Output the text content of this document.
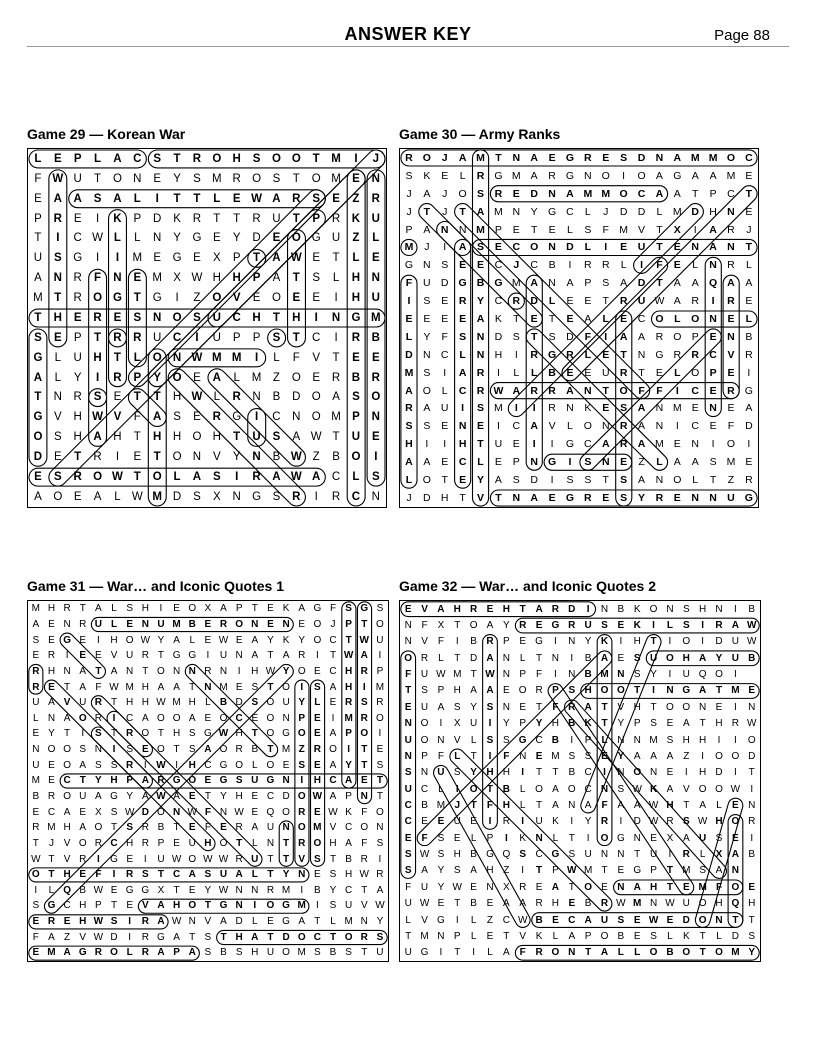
ANSWER KEY	Page 88
Game 29 — Korean War
L	E	P	L	A	C	S	T	R O H	S	O O	T	M	I	J
F W U	T	O N	E	Y	S M R O	S	T	O M E	N
E	A	A	S	A	L	I	T	T	L	E W A	R	S	E	Z	R
P	R	E	I	K	P	D	K	R	T	T	R	U	T	P	R	K	U
T	I	C W L	L	N	Y	G	E	Y	D	E	O G U	Z	L
U	S	G	I	I	M E	G	E	X	P	T	A W E	T	L	E
A	N	R	F	N	E M X W H	H	P	A	T	S	L	H	N
M	T	R O G	T	G	I	Z	O	V	E	O	E	E	I	H	U
T	H	E	R	E	S	N O	S	U	C	H	T	H	I	N G M
S	E	P	T	R	R	U	C	I	U	P	P	S	T	C	I	R	B
G	L	U	H	T	L	O N W M M	I	L	F	V	T	E	E
A	L	Y	I	R	P	Y	O	E	A	L	M	Z	O	E	R	B	R
T	N	R	S	E	T	T	H W L	R	N	B	D O	A	S	O
G	V	H W V	F	A	S	E	R G	I	C	N O M P	N
O	S	H	A	H	T	H	H O H	T	U	S	A W T	U	E
D	E	T	R	I	E	T	O N	V	Y	N	B W Z	B	O	I
E	S	R O W T	O	L	A	S	I	R	A W A	C	L	S
A	O	E	A	L W M D	S	X	N G	S	R	I	R	C	N
Game 30 — Army Ranks
R O	J	A M T	N A	E G R	E	S	D N A M M O C
S	K	E	L	R G M A	R G N O	I	O A G A	A M E
J	A	J	O S	R	E	D N A M M O C A	A	T	P	C	T
J	T	J	T	A M N	Y G C	L	J	D D	L	M D H N	E
P	A	N N M P	E	T	E	L	S	F M V	T	X	I	A R	J
M	J	I	A	S	E	C O N D	L	I	E	U	T	E	N A N	T
G N	S	E	E	C	J	C	B	I	R R	L	I	F	E	L	N R	L
F	U D G B G M A N	A	P	S	A	D	T	A	A Q A	A
I	S	E	R	Y	C R D	L	E	E	T	R U W A	R	I	R	E
E	E	E	E	A	K	T	E	T	E	A	L	E	C O	L	O N	E	L
L	Y	F	S	N D	S	T	S	D	F	I	A	A	R O P	E	N	B
D N C	L	N H	I	R G R	L	E	T	N G R R C	V	R
M S	I	A R	I	L	L	B	E	E	U R	T	E	L	O P	E	I
A O	L	C R W A R R A N	T	O	F	F	I	C	E	R G
R	A	U	I	S M	I	I	R N	K	E	S	A N M E	N	E	A
S	S	E	N	E	I	C A	V	L	O N R	A	N	I	C	E	F	D
H	I	I	H	T	U	E	I	I	G C A R A M E	N	I	O	I
A	A	E	C	L	E	P	N G	I	S	N	E	Z	L	A	A	S M E
L	O	T	E	Y	A	S	D	I	S	S	T	S	A	N O	L	T	Z	R
J	D H	T	V	T	N A	E G R	E	S	Y	R	E	N N U G
Game 31 — War… and Iconic Quotes 1
M H R T A L S H	I	E O X A P T E K A G F S G S
A E N R U L E N U M B E R O N E N E O J P T O
S E G E	I	H O W Y A L E W E A Y K Y O C T W U
E R	I	E E V U R T G G	I	U N A T A R	I	T W A	I
R H N A T A N T O N N R N	I	H W Y O E C H R P
R E T A F W M H A A T N M E S T O	I	S A H	I	M
U A V U R T H H W M H L B D S O U Y L E R S R
L N A O R	I	C A O O A E O C E O N P E	I	M R O
E Y T	I	S T R O T H S G W H T O G O E A P O	I
N O O S N	I	S E O T S A O R B T M Z R O	I	T E
U E O A S S R	I W I	H C G O L O E S E A Y T S
M E C T Y H P A R G O E G S U G N	I	H C A E T
B R O U A G Y A W A E T Y H E C D O W A P N T
E C A E X S W D O N W F N W E Q O R E W K F O
R M H A O T S R B T E F E R A U N O M V C O N
T	J V O R C H R P E U H O T L N T R O H A F S
W T V R	I	G E	I	U W O W W R U T T V S T B R	I
O T H E F	I	R S T C A S U A L T Y N E S H W R
I	L Q B W E G G X T E Y W N N R M	I	B Y C T A
S G C H P T E V A H O T G N	I	O G M	I	S U V W
E R E H W S	I	R A W N V A D L E G A T L M N Y
F A Z V W D	I	R G A T S T H A T D O C T O R S
E M A G R O L R A P A S B S H U O M S B S T U
Game 32 — War… and Iconic Quotes 2
E V A H R E H T A R D	I	N B K O N S H N	I	B
N F X T O A Y R E G R U S E K	I	L S	I	R A W
N V F	I	B R P E G	I	N Y K	I	H T	I	O	I	D U W
O R L	T D A N L	T N	I	B A E S U O H A Y U B
F U W M T W N P F	I	N B M N S Y	I	U Q O	I
T S P H A A E O R P S H O O T	I	N G A T M E
E U A S Y S N E T	F R A T V H T O O N E	I	N
N O	I	X U	I	Y P Y H B K T Y P S E A T H R W
U O N V	L	S S G C B	I	P L N N M S H H	I	I	O
N P F	L	T	I	F N E M S S E Y A A A Z	I	O O D
S N U S Y H H	I	T	T B C	I	N O N E	I	H D	I	T
U C L	I	O T B L O A O C N S W K A V O O W	I
C B M J	T	F H L	T A N A F A A W H T A	L	E N
C E E U E	I	R	I	U K	I	Y R	I	D W R S W H O R
E F S E	L	P	I	K N L	T	I	O G N E X A U S E	I
S W S H B G Q S C G S U N N T U	I	R L	X A B
S A Y S A H Z	I	T P W M T E G P T M S A N
F U Y W E N X R E A T O E N A H T E M F O E
U W E T B E A A R H E B R W M N W U O H Q H
L	V G	I	L	Z C W B E C A U S E W E D O N T	T
T M N P	L	E T V K	L	A P O B E S	L	K T	L D S
U G	I	T	I	L	A F R O N T A L	L O B O T O M Y
